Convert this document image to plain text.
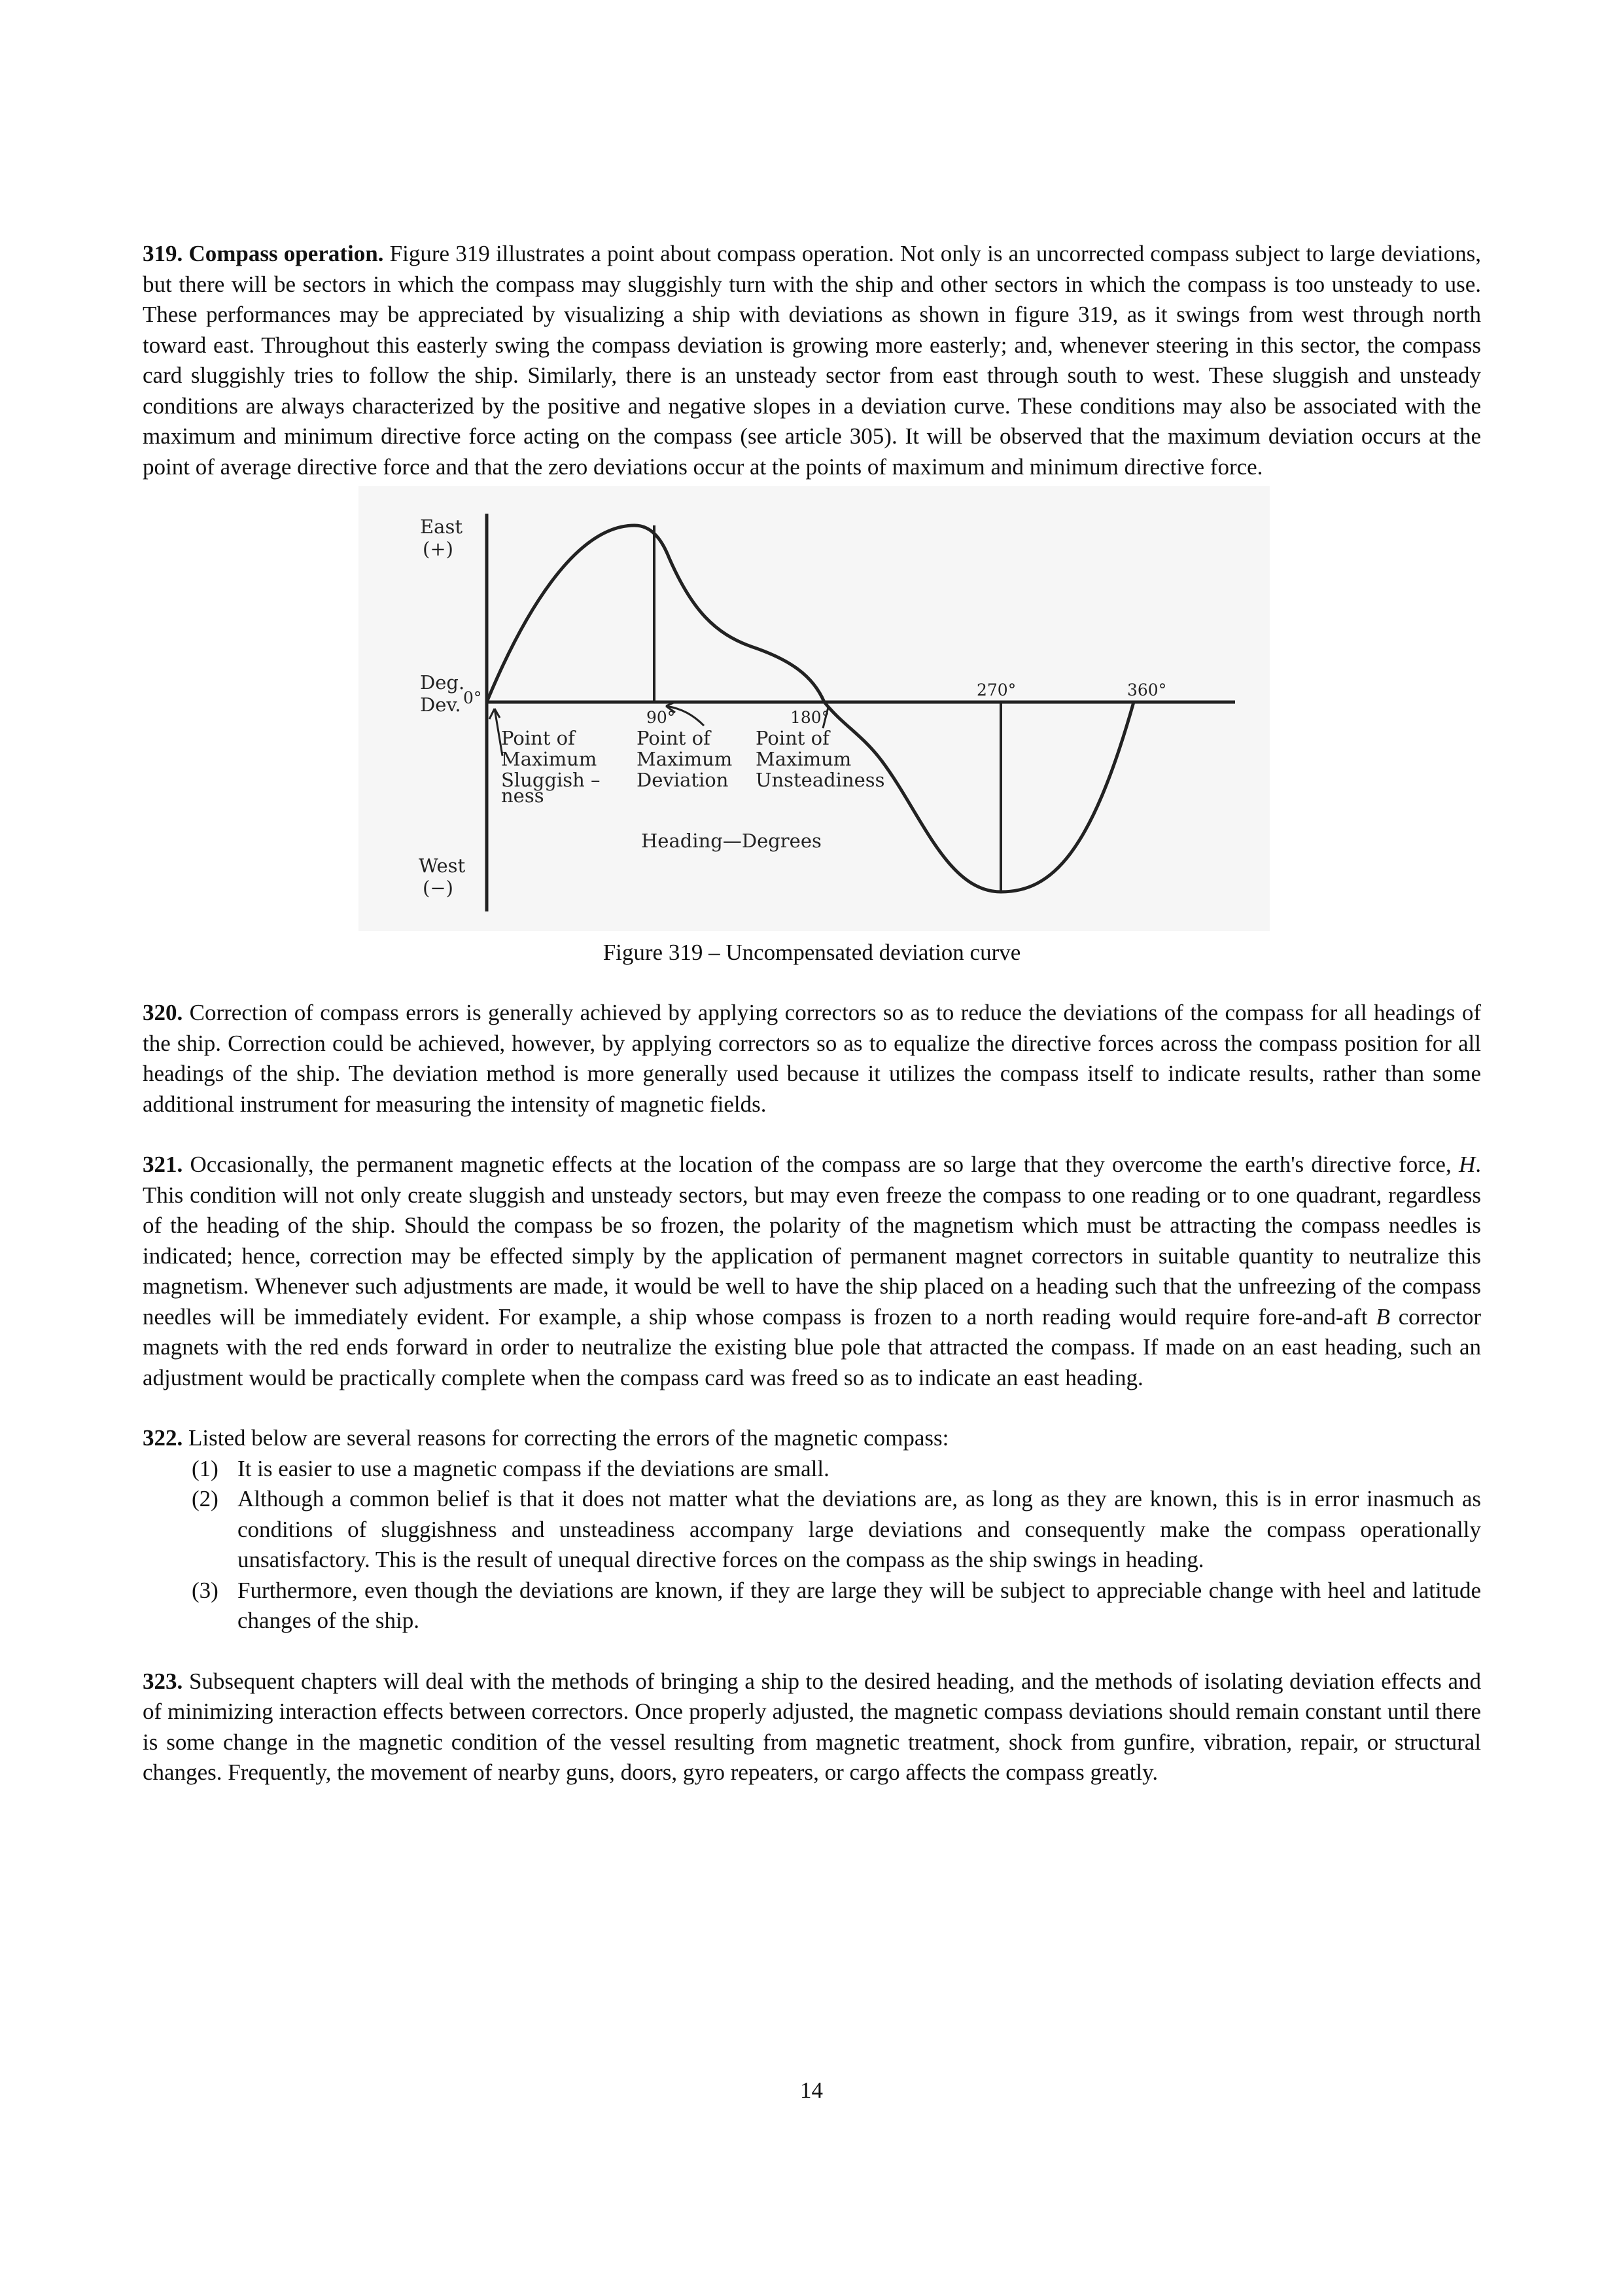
319. Compass operation. Figure 319 illustrates a point about compass operation. Not only is an uncorrected compass subject to large deviations, but there will be sectors in which the compass may sluggishly turn with the ship and other sectors in which the compass is too unsteady to use. These performances may be appreciated by visualizing a ship with deviations as shown in figure 319, as it swings from west through north toward east. Throughout this easterly swing the compass deviation is growing more easterly; and, whenever steering in this sector, the compass card sluggishly tries to follow the ship. Similarly, there is an unsteady sector from east through south to west. These sluggish and unsteady conditions are always characterized by the positive and negative slopes in a deviation curve. These conditions may also be associated with the maximum and minimum directive force acting on the compass (see article 305). It will be observed that the maximum deviation occurs at the point of average directive force and that the zero deviations occur at the points of maximum and minimum directive force.

East
(+)
Deg.
Dev.
West
(−)
0°
90°	180°
270°	360°
Point of
Maximum
Sluggish –
ness
Point of
Maximum
Deviation
Point of
Maximum
Unsteadiness
Heading—Degrees
Figure 319 – Uncompensated deviation curve

320. Correction of compass errors is generally achieved by applying correctors so as to reduce the deviations of the compass for all headings of the ship. Correction could be achieved, however, by applying correctors so as to equalize the directive forces across the compass position for all headings of the ship. The deviation method is more generally used because it utilizes the compass itself to indicate results, rather than some additional instrument for measuring the intensity of magnetic fields.

321. Occasionally, the permanent magnetic effects at the location of the compass are so large that they overcome the earth's directive force, H. This condition will not only create sluggish and unsteady sectors, but may even freeze the compass to one reading or to one quadrant, regardless of the heading of the ship. Should the compass be so frozen, the polarity of the magnetism which must be attracting the compass needles is indicated; hence, correction may be effected simply by the application of permanent magnet correctors in suitable quantity to neutralize this magnetism. Whenever such adjustments are made, it would be well to have the ship placed on a heading such that the unfreezing of the compass needles will be immediately evident. For example, a ship whose compass is frozen to a north reading would require fore-and-aft B corrector magnets with the red ends forward in order to neutralize the existing blue pole that attracted the compass. If made on an east heading, such an adjustment would be practically complete when the compass card was freed so as to indicate an east heading.

322. Listed below are several reasons for correcting the errors of the magnetic compass:

(1) It is easier to use a magnetic compass if the deviations are small.
(2) Although a common belief is that it does not matter what the deviations are, as long as they are known, this is in error inasmuch as conditions of sluggishness and unsteadiness accompany large deviations and consequently make the compass operationally unsatisfactory. This is the result of unequal directive forces on the compass as the ship swings in heading.
(3) Furthermore, even though the deviations are known, if they are large they will be subject to appreciable change with heel and latitude changes of the ship.

323. Subsequent chapters will deal with the methods of bringing a ship to the desired heading, and the methods of isolating deviation effects and of minimizing interaction effects between correctors. Once properly adjusted, the magnetic compass deviations should remain constant until there is some change in the magnetic condition of the vessel resulting from magnetic treatment, shock from gunfire, vibration, repair, or structural changes. Frequently, the movement of nearby guns, doors, gyro repeaters, or cargo affects the compass greatly.

14
